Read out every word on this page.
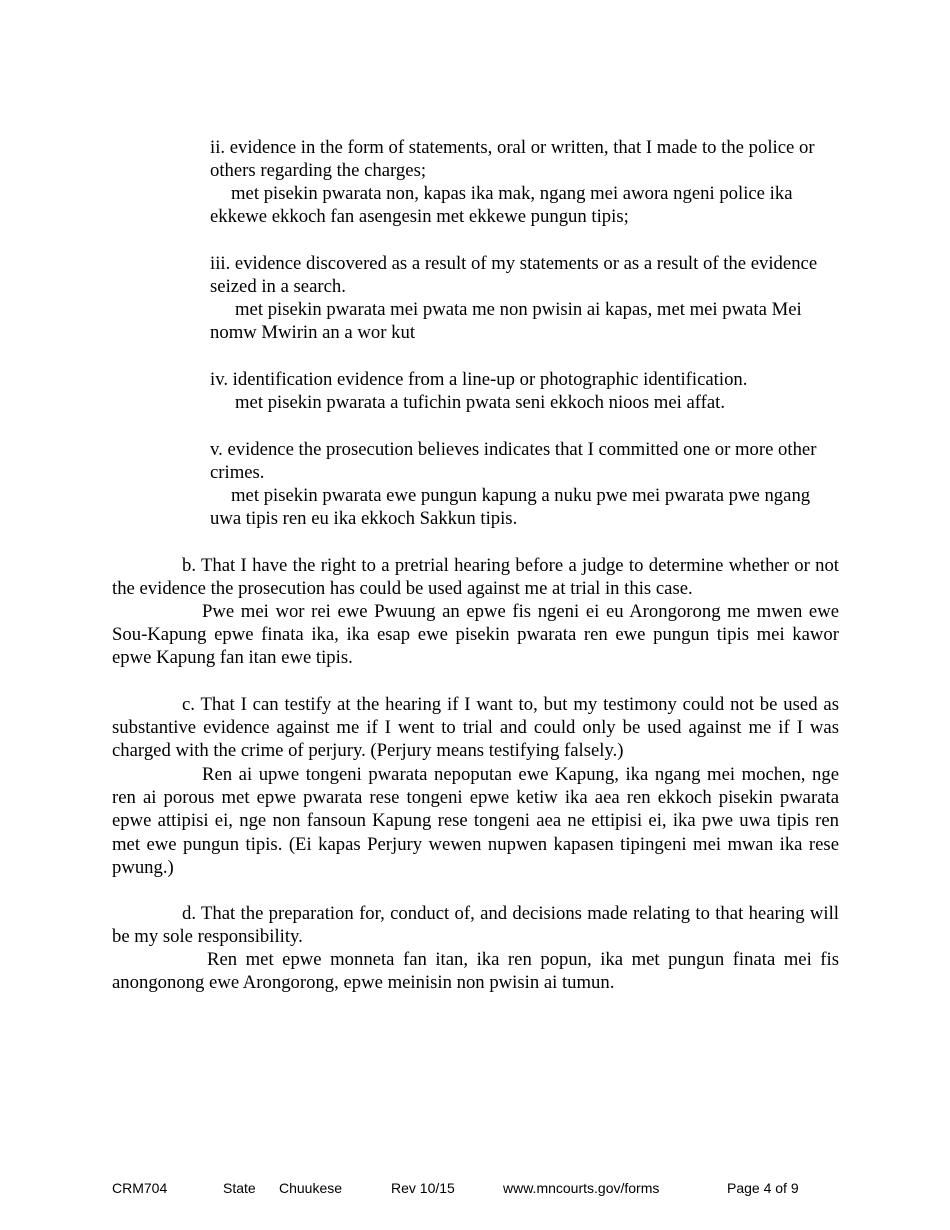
ii. evidence in the form of statements, oral or written, that I made to the police or others regarding the charges;

met pisekin pwarata non, kapas ika mak, ngang mei awora ngeni police ika ekkewe ekkoch fan asengesin met ekkewe pungun tipis;

iii. evidence discovered as a result of my statements or as a result of the evidence seized in a search.

met pisekin pwarata mei pwata me non pwisin ai kapas, met mei pwata Mei nomw Mwirin an a wor kut

iv. identification evidence from a line-up or photographic identification.

met pisekin pwarata a tufichin pwata seni ekkoch nioos mei affat.

v. evidence the prosecution believes indicates that I committed one or more other crimes.

met pisekin pwarata ewe pungun kapung a nuku pwe mei pwarata pwe ngang uwa tipis ren eu ika ekkoch Sakkun tipis.

b. That I have the right to a pretrial hearing before a judge to determine whether or not the evidence the prosecution has could be used against me at trial in this case.

Pwe mei wor rei ewe Pwuung an epwe fis ngeni ei eu Arongorong me mwen ewe Sou-Kapung epwe finata ika, ika esap ewe pisekin pwarata ren ewe pungun tipis mei kawor epwe Kapung fan itan ewe tipis.

c. That I can testify at the hearing if I want to, but my testimony could not be used as substantive evidence against me if I went to trial and could only be used against me if I was charged with the crime of perjury. (Perjury means testifying falsely.)

Ren ai upwe tongeni pwarata nepoputan ewe Kapung, ika ngang mei mochen, nge ren ai porous met epwe pwarata rese tongeni epwe ketiw ika aea ren ekkoch pisekin pwarata epwe attipisi ei, nge non fansoun Kapung rese tongeni aea ne ettipisi ei, ika pwe uwa tipis ren met ewe pungun tipis. (Ei kapas Perjury wewen nupwen kapasen tipingeni mei mwan ika rese pwung.)

d. That the preparation for, conduct of, and decisions made relating to that hearing will be my sole responsibility.

Ren met epwe monneta fan itan, ika ren popun, ika met pungun finata mei fis anongonong ewe Arongorong, epwe meinisin non pwisin ai tumun.

CRM704	State Chuukese	Rev 10/15	www.mncourts.gov/forms	Page 4 of 9
